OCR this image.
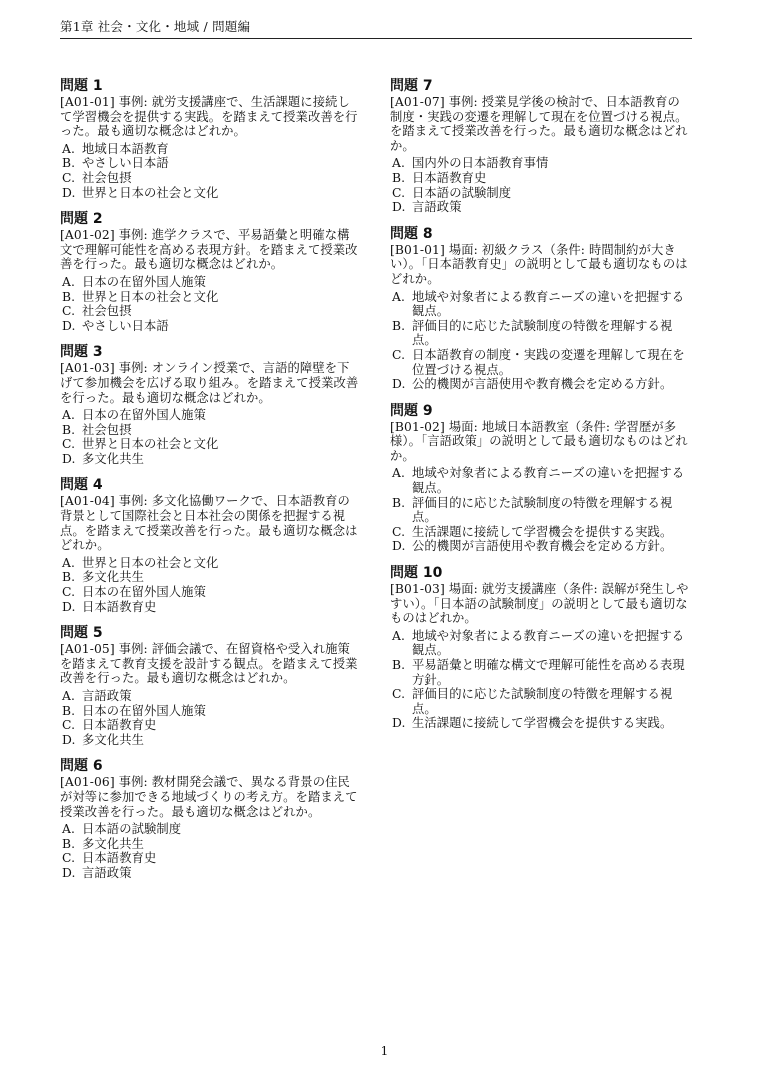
第1章 社会・文化・地域 / 問題編
問題 1
[A01-01] 事例: 就労支援講座で、生活課題に接続して学習機会を提供する実践。を踏まえて授業改善を行った。最も適切な概念はどれか。
A. 地域日本語教育
B. やさしい日本語
C. 社会包摂
D. 世界と日本の社会と文化
問題 2
[A01-02] 事例: 進学クラスで、平易語彙と明確な構文で理解可能性を高める表現方針。を踏まえて授業改善を行った。最も適切な概念はどれか。
A. 日本の在留外国人施策
B. 世界と日本の社会と文化
C. 社会包摂
D. やさしい日本語
問題 3
[A01-03] 事例: オンライン授業で、言語的障壁を下げて参加機会を広げる取り組み。を踏まえて授業改善を行った。最も適切な概念はどれか。
A. 日本の在留外国人施策
B. 社会包摂
C. 世界と日本の社会と文化
D. 多文化共生
問題 4
[A01-04] 事例: 多文化協働ワークで、日本語教育の背景として国際社会と日本社会の関係を把握する視点。を踏まえて授業改善を行った。最も適切な概念はどれか。
A. 世界と日本の社会と文化
B. 多文化共生
C. 日本の在留外国人施策
D. 日本語教育史
問題 5
[A01-05] 事例: 評価会議で、在留資格や受入れ施策を踏まえて教育支援を設計する観点。を踏まえて授業改善を行った。最も適切な概念はどれか。
A. 言語政策
B. 日本の在留外国人施策
C. 日本語教育史
D. 多文化共生
問題 6
[A01-06] 事例: 教材開発会議で、異なる背景の住民が対等に参加できる地域づくりの考え方。を踏まえて授業改善を行った。最も適切な概念はどれか。
A. 日本語の試験制度
B. 多文化共生
C. 日本語教育史
D. 言語政策
問題 7
[A01-07] 事例: 授業見学後の検討で、日本語教育の制度・実践の変遷を理解して現在を位置づける視点。を踏まえて授業改善を行った。最も適切な概念はどれか。
A. 国内外の日本語教育事情
B. 日本語教育史
C. 日本語の試験制度
D. 言語政策
問題 8
[B01-01] 場面: 初級クラス（条件: 時間制約が大きい）。「日本語教育史」の説明として最も適切なものはどれか。
A. 地域や対象者による教育ニーズの違いを把握する観点。
B. 評価目的に応じた試験制度の特徴を理解する視点。
C. 日本語教育の制度・実践の変遷を理解して現在を位置づける視点。
D. 公的機関が言語使用や教育機会を定める方針。
問題 9
[B01-02] 場面: 地域日本語教室（条件: 学習歴が多様）。「言語政策」の説明として最も適切なものはどれか。
A. 地域や対象者による教育ニーズの違いを把握する観点。
B. 評価目的に応じた試験制度の特徴を理解する視点。
C. 生活課題に接続して学習機会を提供する実践。
D. 公的機関が言語使用や教育機会を定める方針。
問題 10
[B01-03] 場面: 就労支援講座（条件: 誤解が発生しやすい）。「日本語の試験制度」の説明として最も適切なものはどれか。
A. 地域や対象者による教育ニーズの違いを把握する観点。
B. 平易語彙と明確な構文で理解可能性を高める表現方針。
C. 評価目的に応じた試験制度の特徴を理解する視点。
D. 生活課題に接続して学習機会を提供する実践。
1
